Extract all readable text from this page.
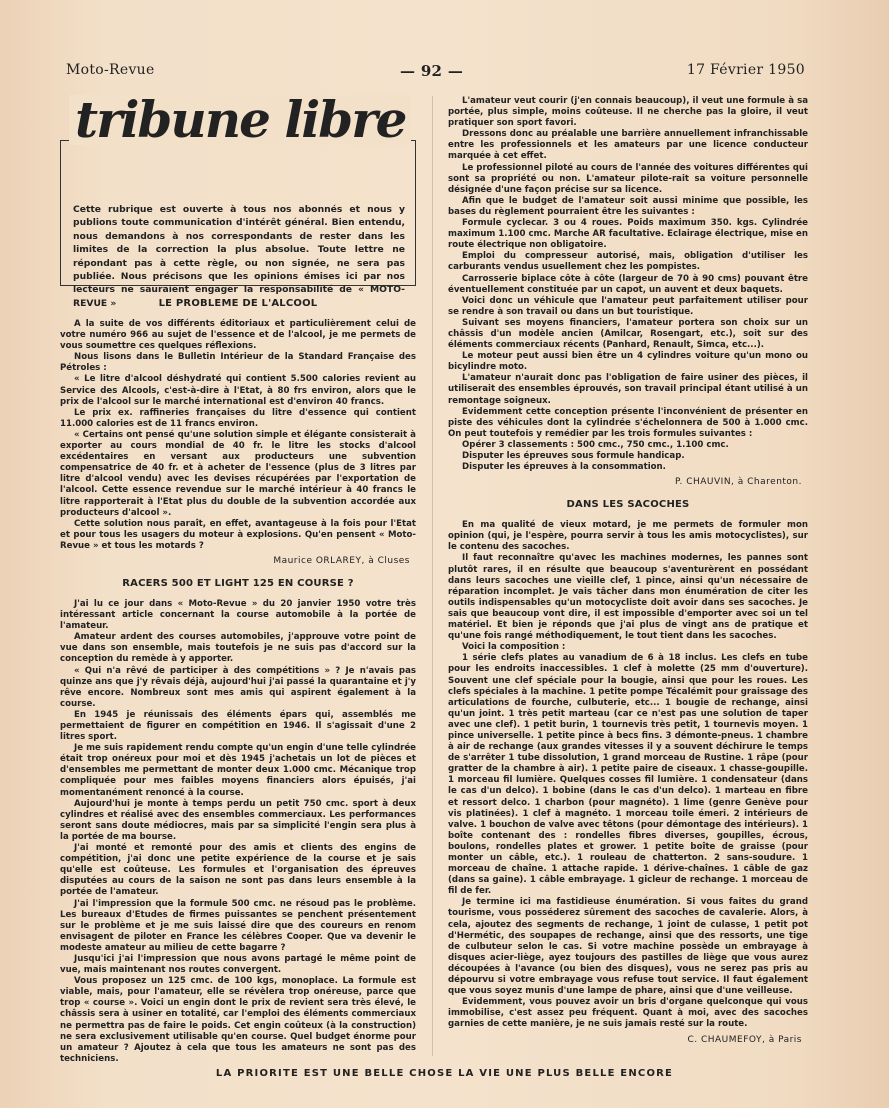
Moto-Revue	— 92 —	17 Février 1950
tribune libre
Cette rubrique est ouverte à tous nos abonnés et nous y publions toute communication d'intérêt général. Bien entendu, nous demandons à nos correspondants de rester dans les limites de la correction la plus absolue. Toute lettre ne répondant pas à cette règle, ou non signée, ne sera pas publiée. Nous précisons que les opinions émises ici par nos lecteurs ne sauraient engager la responsabilité de « MOTO-REVUE »	LE PROBLEME DE L'ALCOOL

A la suite de vos différents éditoriaux et particulièrement celui de votre numéro 966 au sujet de l'essence et de l'alcool, je me permets de vous soumettre ces quelques réflexions.

Nous lisons dans le Bulletin Intérieur de la Standard Française des Pétroles :

« Le litre d'alcool déshydraté qui contient 5.500 calories revient au Service des Alcools, c'est-à-dire à l'Etat, à 80 frs environ, alors que le prix de l'alcool sur le marché international est d'environ 40 francs.

Le prix ex. raffineries françaises du litre d'essence qui contient 11.000 calories est de 11 francs environ.

« Certains ont pensé qu'une solution simple et élégante consisterait à exporter au cours mondial de 40 fr. le litre les stocks d'alcool excédentaires en versant aux producteurs une subvention compensatrice de 40 fr. et à acheter de l'essence (plus de 3 litres par litre d'alcool vendu) avec les devises récupérées par l'exportation de l'alcool. Cette essence revendue sur le marché intérieur à 40 francs le litre rapporterait à l'Etat plus du double de la subvention accordée aux producteurs d'alcool ».

Cette solution nous paraît, en effet, avantageuse à la fois pour l'Etat et pour tous les usagers du moteur à explosions. Qu'en pensent « Moto-Revue » et tous les motards ?

Maurice ORLAREY, à Cluses
RACERS 500 ET LIGHT 125 EN COURSE ?

J'ai lu ce jour dans « Moto-Revue » du 20 janvier 1950 votre très intéressant article concernant la course automobile à la portée de l'amateur.

Amateur ardent des courses automobiles, j'approuve votre point de vue dans son ensemble, mais toutefois je ne suis pas d'accord sur la conception du remède à y apporter.

« Qui n'a rêvé de participer à des compétitions » ? Je n'avais pas quinze ans que j'y rêvais déjà, aujourd'hui j'ai passé la quarantaine et j'y rêve encore. Nombreux sont mes amis qui aspirent également à la course.

En 1945 je réunissais des éléments épars qui, assemblés me permettaient de figurer en compétition en 1946. Il s'agissait d'une 2 litres sport.

Je me suis rapidement rendu compte qu'un engin d'une telle cylindrée était trop onéreux pour moi et dès 1945 j'achetais un lot de pièces et d'ensembles me permettant de monter deux 1.000 cmc. Mécanique trop compliquée pour mes faibles moyens financiers alors épuisés, j'ai momentanément renoncé à la course.

Aujourd'hui je monte à temps perdu un petit 750 cmc. sport à deux cylindres et réalisé avec des ensembles commerciaux. Les performances seront sans doute médiocres, mais par sa simplicité l'engin sera plus à la portée de ma bourse.

J'ai monté et remonté pour des amis et clients des engins de compétition, j'ai donc une petite expérience de la course et je sais qu'elle est coûteuse. Les formules et l'organisation des épreuves disputées au cours de la saison ne sont pas dans leurs ensemble à la portée de l'amateur.

J'ai l'impression que la formule 500 cmc. ne résoud pas le problème. Les bureaux d'Etudes de firmes puissantes se penchent présentement sur le problème et je me suis laissé dire que des coureurs en renom envisagent de piloter en France les célèbres Cooper. Que va devenir le modeste amateur au milieu de cette bagarre ?

Jusqu'ici j'ai l'impression que nous avons partagé le même point de vue, mais maintenant nos routes convergent.

Vous proposez un 125 cmc. de 100 kgs, monoplace. La formule est viable, mais, pour l'amateur, elle se révèlera trop onéreuse, parce que trop « course ». Voici un engin dont le prix de revient sera très élevé, le châssis sera à usiner en totalité, car l'emploi des éléments commerciaux ne permettra pas de faire le poids. Cet engin coûteux (à la construction) ne sera exclusivement utilisable qu'en course. Quel budget énorme pour un amateur ? Ajoutez à cela que tous les amateurs ne sont pas des techniciens.

L'amateur veut courir (j'en connais beaucoup), il veut une formule à sa portée, plus simple, moins coûteuse. Il ne cherche pas la gloire, il veut pratiquer son sport favori.

Dressons donc au préalable une barrière annuellement infranchissable entre les professionnels et les amateurs par une licence conducteur marquée à cet effet.

Le professionnel piloté au cours de l'année des voitures différentes qui sont sa propriété ou non. L'amateur pilote-rait sa voiture personnelle désignée d'une façon précise sur sa licence.

Afin que le budget de l'amateur soit aussi minime que possible, les bases du règlement pourraient être les suivantes :

Formule cyclecar. 3 ou 4 roues. Poids maximum 350. kgs. Cylindrée maximum 1.100 cmc. Marche AR facultative. Eclairage électrique, mise en route électrique non obligatoire.

Emploi du compresseur autorisé, mais, obligation d'utiliser les carburants vendus usuellement chez les pompistes.

Carrosserie biplace côte à côte (largeur de 70 à 90 cms) pouvant être éventuellement constituée par un capot, un auvent et deux baquets.

Voici donc un véhicule que l'amateur peut parfaitement utiliser pour se rendre à son travail ou dans un but touristique.

Suivant ses moyens financiers, l'amateur portera son choix sur un châssis d'un modèle ancien (Amilcar, Rosengart, etc.), soit sur des éléments commerciaux récents (Panhard, Renault, Simca, etc...).

Le moteur peut aussi bien être un 4 cylindres voiture qu'un mono ou bicylindre moto.

L'amateur n'aurait donc pas l'obligation de faire usiner des pièces, il utiliserait des ensembles éprouvés, son travail principal étant utilisé à un remontage soigneux.

Evidemment cette conception présente l'inconvénient de présenter en piste des véhicules dont la cylindrée s'échelonnera de 500 à 1.000 cmc. On peut toutefois y remédier par les trois formules suivantes :

Opérer 3 classements : 500 cmc., 750 cmc., 1.100 cmc.

Disputer les épreuves sous formule handicap.

Disputer les épreuves à la consommation.

P. CHAUVIN, à Charenton.
DANS LES SACOCHES

En ma qualité de vieux motard, je me permets de formuler mon opinion (qui, je l'espère, pourra servir à tous les amis motocyclistes), sur le contenu des sacoches.

Il faut reconnaître qu'avec les machines modernes, les pannes sont plutôt rares, il en résulte que beaucoup s'aventurèrent en possédant dans leurs sacoches une vieille clef, 1 pince, ainsi qu'un nécessaire de réparation incomplet. Je vais tâcher dans mon énumération de citer les outils indispensables qu'un motocycliste doit avoir dans ses sacoches. Je sais que beaucoup vont dire, il est impossible d'emporter avec soi un tel matériel. Et bien je réponds que j'ai plus de vingt ans de pratique et qu'une fois rangé méthodiquement, le tout tient dans les sacoches.

Voici la composition :

1 série clefs plates au vanadium de 6 à 18 inclus. Les clefs en tube pour les endroits inaccessibles. 1 clef à molette (25 mm d'ouverture). Souvent une clef spéciale pour la bougie, ainsi que pour les roues. Les clefs spéciales à la machine. 1 petite pompe Técalémit pour graissage des articulations de fourche, culbuterie, etc... 1 bougie de rechange, ainsi qu'un joint. 1 très petit marteau (car ce n'est pas une solution de taper avec une clef). 1 petit burin, 1 tournevis très petit, 1 tournevis moyen. 1 pince universelle. 1 petite pince à becs fins. 3 démonte-pneus. 1 chambre à air de rechange (aux grandes vitesses il y a souvent déchirure le temps de s'arrêter 1 tube dissolution, 1 grand morceau de Rustine. 1 râpe (pour gratter de la chambre à air). 1 petite paire de ciseaux. 1 chasse-goupille. 1 morceau fil lumière. Quelques cosses fil lumière. 1 condensateur (dans le cas d'un delco). 1 bobine (dans le cas d'un delco). 1 marteau en fibre et ressort delco. 1 charbon (pour magnéto). 1 lime (genre Genève pour vis platinées). 1 clef à magnéto. 1 morceau toile émeri. 2 intérieurs de valve. 1 bouchon de valve avec têtons (pour démontage des intérieurs). 1 boîte contenant des : rondelles fibres diverses, goupilles, écrous, boulons, rondelles plates et grower. 1 petite boîte de graisse (pour monter un câble, etc.). 1 rouleau de chatterton. 2 sans-soudure. 1 morceau de chaîne. 1 attache rapide. 1 dérive-chaînes. 1 câble de gaz (dans sa gaine). 1 câble embrayage. 1 gicleur de rechange. 1 morceau de fil de fer.

Je termine ici ma fastidieuse énumération. Si vous faites du grand tourisme, vous posséderez sûrement des sacoches de cavalerie. Alors, à cela, ajoutez des segments de rechange, 1 joint de culasse, 1 petit pot d'Hermétic, des soupapes de rechange, ainsi que des ressorts, une tige de culbuteur selon le cas. Si votre machine possède un embrayage à disques acier-liège, ayez toujours des pastilles de liège que vous aurez découpées à l'avance (ou bien des disques), vous ne serez pas pris au dépourvu si votre embrayage vous refuse tout service. Il faut également que vous soyez munis d'une lampe de phare, ainsi que d'une veilleuse.

Evidemment, vous pouvez avoir un bris d'organe quelconque qui vous immobilise, c'est assez peu fréquent. Quant à moi, avec des sacoches garnies de cette manière, je ne suis jamais resté sur la route.

C. CHAUMEFOY, à Paris
LA PRIORITE EST UNE BELLE CHOSE LA VIE UNE PLUS BELLE ENCORE
